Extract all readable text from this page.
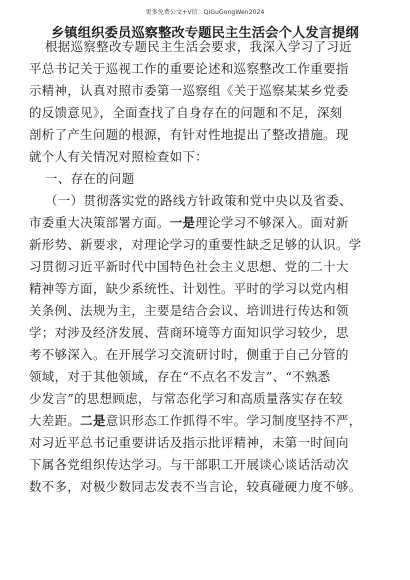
更多免费公文+V信：QiGuGongWen2024
乡镇组织委员巡察整改专题民主生活会个人发言提纲
根据巡察整改专题民主生活会要求，我深入学习了习近
平总书记关于巡视工作的重要论述和巡察整改工作重要指
示精神，认真对照市委第一巡察组《关于巡察某某乡党委
的反馈意见》，全面查找了自身存在的问题和不足，深刻
剖析了产生问题的根源，有针对性地提出了整改措施。现
就个人有关情况对照检查如下：
一、存在的问题
（一）贯彻落实党的路线方针政策和党中央以及省委、
市委重大决策部署方面。一是理论学习不够深入。面对新
新形势、新要求，对理论学习的重要性缺乏足够的认识。学
习贯彻习近平新时代中国特色社会主义思想、党的二十大
精神等方面，缺少系统性、计划性。平时的学习以党内相
关条例、法规为主，主要是结合会议、培训进行传达和领
学；对涉及经济发展、营商环境等方面知识学习较少，思
考不够深入。在开展学习交流研讨时，侧重于自己分管的
领域，对于其他领域，存在“不点名不发言”、“不熟悉
少发言”的思想顾虑，与常态化学习和高质量落实存在较
大差距。二是意识形态工作抓得不牢。学习制度坚持不严，
对习近平总书记重要讲话及指示批评精神，未第一时间向
下属各党组织传达学习。与干部职工开展谈心谈话活动次
数不多，对极少数同志发表不当言论，较真碰硬力度不够。
